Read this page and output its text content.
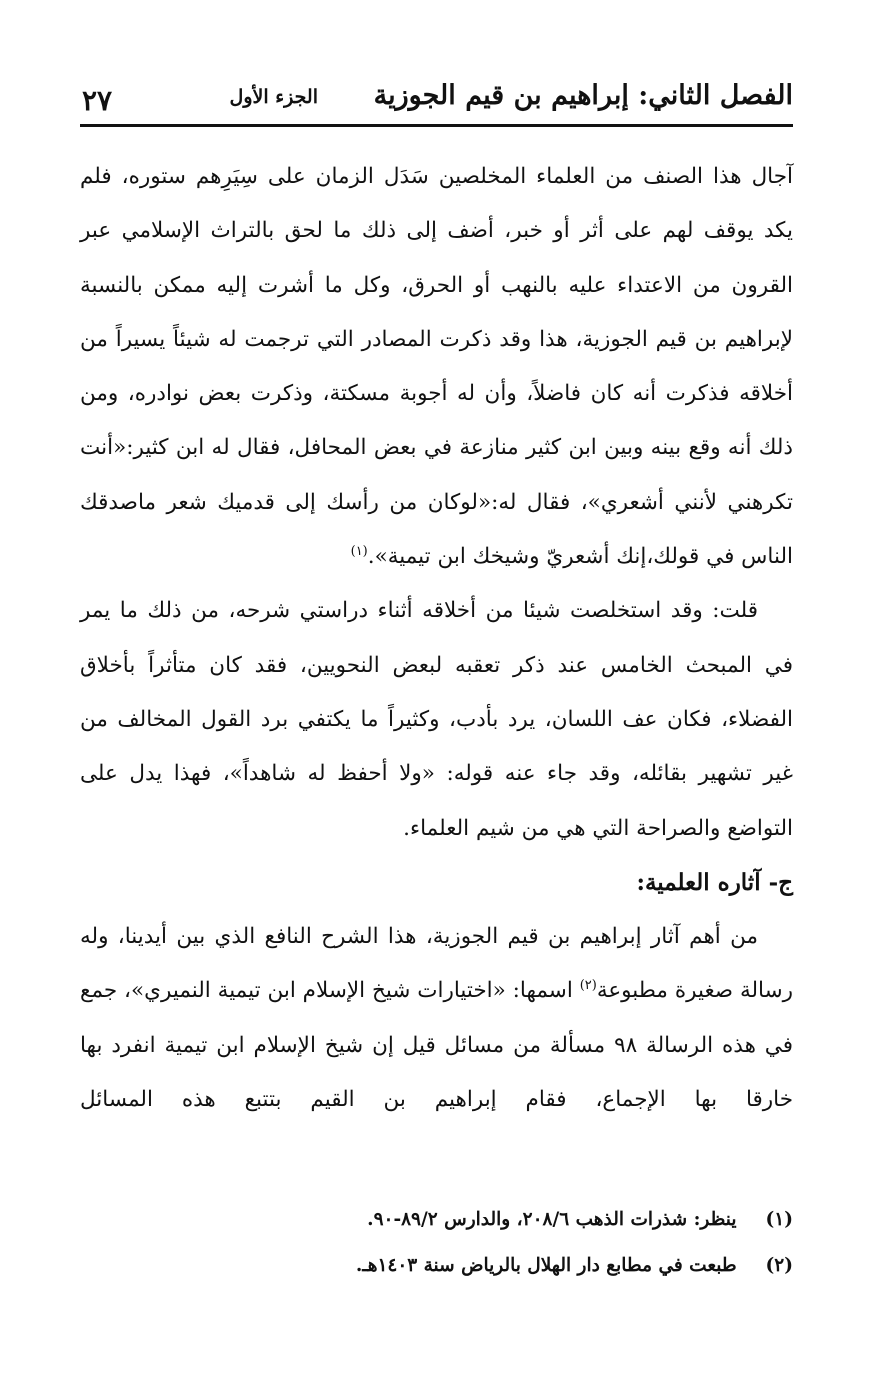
الفصل الثاني: إبراهيم بن قيم الجوزية
الجزء الأول
٢٧

آجال هذا الصنف من العلماء المخلصين سَدَل الزمان على سِيَرِهم ستوره، فلم يكد يوقف لهم على أثر أو خبر، أضف إلى ذلك ما لحق بالتراث الإسلامي عبر القرون من الاعتداء عليه بالنهب أو الحرق، وكل ما أشرت إليه ممكن بالنسبة لإبراهيم بن قيم الجوزية، هذا وقد ذكرت المصادر التي ترجمت له شيئاً يسيراً من أخلاقه فذكرت أنه كان فاضلاً، وأن له أجوبة مسكتة، وذكرت بعض نوادره، ومن ذلك أنه وقع بينه وبين ابن كثير منازعة في بعض المحافل، فقال له ابن كثير:«أنت تكرهني لأنني أشعري»، فقال له:«لوكان من رأسك إلى قدميك شعر ماصدقك الناس في قولك،إنك أشعريّ وشيخك ابن تيمية».$^{(١)}$

قلت: وقد استخلصت شيئا من أخلاقه أثناء دراستي شرحه، من ذلك ما يمر في المبحث الخامس عند ذكر تعقبه لبعض النحويين، فقد كان متأثراً بأخلاق الفضلاء، فكان عف اللسان، يرد بأدب، وكثيراً ما يكتفي برد القول المخالف من غير تشهير بقائله، وقد جاء عنه قوله: «ولا أحفظ له شاهداً»، فهذا يدل على التواضع والصراحة التي هي من شيم العلماء.

ج- آثاره العلمية:

من أهم آثار إبراهيم بن قيم الجوزية، هذا الشرح النافع الذي بين أيدينا، وله رسالة صغيرة مطبوعة$^{(٢)}$ اسمها: «اختيارات شيخ الإسلام ابن تيمية النميري»، جمع في هذه الرسالة ٩٨ مسألة من مسائل قيل إن شيخ الإسلام ابن تيمية انفرد بها خارقا بها الإجماع، فقام إبراهيم بن القيم بتتبع هذه المسائل

(١) ينظر: شذرات الذهب ٢٠٨/٦، والدارس ٨٩/٢-٩٠.
(٢) طبعت في مطابع دار الهلال بالرياض سنة ١٤٠٣هـ.
